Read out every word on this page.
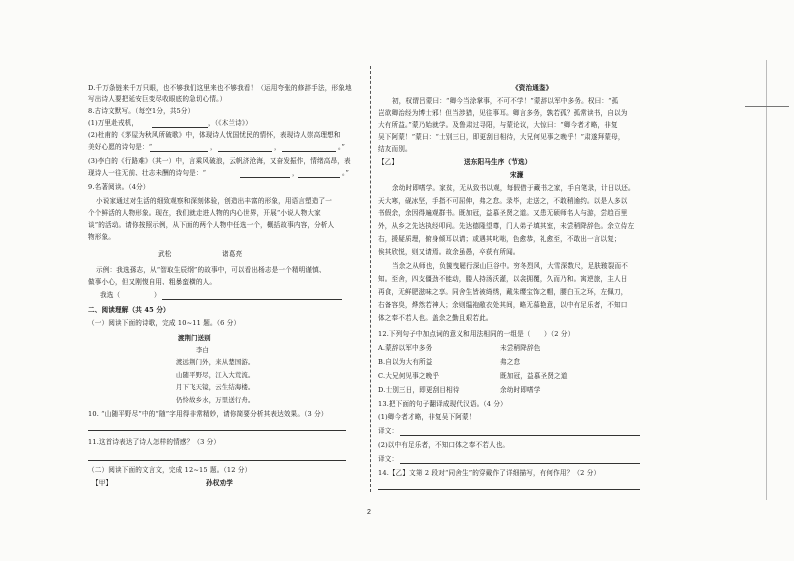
D.千万条链来千万只眼，也不够我们这里来也不够我看！（运用夸张的修辞手法，形象地
写出诗人要把延安巨变尽收眼底的急切心情。）
8.古诗文默写。（每空1分，共5分）
(1)万里赴戎机，	，（《木兰诗》）
(2)杜甫的《茅屋为秋风所破歌》中，体现诗人忧国忧民的情怀，表现诗人崇高理想和
美好心愿的诗句是：“	，	，	。”
(3)李白的《行路难》（其一）中，言乘风破浪，云帆济沧海，又奋发振作，情绪高昂，表
现诗人一往无前、壮志未酬的诗句是：“	，	。”
9.名著阅读。（4分）
小说家通过对生活的细致观察和深刻体验，创造出丰富的形象，用语言塑造了一
个个鲜活的人物形象。现在，我们就走进人物的内心世界，开展“小说人物大家
谈”的活动。请你按照示例，从下面的两个人物中任选一个，概括故事内容，分析人
物形象。
武松	诸葛亮
示例：我选孫志，从“智取生辰纲”的故事中，可以看出杨志是一个精明谨慎、
做事小心，但又刚愎自用、粗暴蛮横的人。
我选（	）
二、阅读理解（共 45 分）
（一）阅读下面的诗歌，完成 10~11 题。（6 分）
渡荆门送别
李白
渡远荆门外，来从楚国游。
山随平野尽，江入大荒流。
月下飞天镜，云生结海楼。
仍怜故乡水，万里送行舟。
10. “山随平野尽”中的“随”字用得非常精妙，请你简要分析其表达效果。（3 分）
11.这首诗表达了诗人怎样的情感？（3 分）
（二）阅读下面的文言文，完成 12~15 题。（12 分）
【甲】	孙权劝学
《资治通鉴》
初，权谓吕蒙曰：“卿今当涂掌事，不可不学！”蒙辞以军中多务。权曰：“孤
岂欲卿治经为博士邪！但当涉猎，见往事耳。卿言多务，孰若孤？孤常读书，自以为
大有所益。”蒙乃始就学。及鲁肃过寻阳，与蒙论议，大惊曰：“卿今者才略，非复
吴下阿蒙！”蒙曰：“士别三日，即更刮目相待，大兄何见事之晚乎！”肃遂拜蒙母，
结友而别。
【乙】	送东阳马生序（节选）
宋濂
余幼时即嗜学。家贫，无从致书以观，每假借于藏书之家，手自笔录，计日以还。
天大寒，砚冰坚，手指不可屈伸，弗之怠。录毕，走送之，不敢稍逾约。以是人多以
书假余，余因得遍观群书。既加冠，益慕圣贤之道。又患无硕师名人与游，尝趋百里
外，从乡之先达执经叩问。先达德隆望尊，门人弟子填其室，未尝稍降辞色。余立侍左
右，援疑质理，俯身倾耳以请；或遇其叱咄，色愈恭，礼愈至，不敢出一言以复；
俟其欣悦，则又请焉。故余虽愚，卒获有所闻。
当余之从师也，负箧曳屣行深山巨谷中。穷冬烈风，大雪深数尺，足肤皲裂而不
知。至舍，四支僵劲不能动，媵人持汤沃灌，以衾拥覆，久而乃和。寓逆旅，主人日
再食，无鲜肥滋味之享。同舍生皆被绮绣，戴朱缨宝饰之帽，腰白玉之环，左佩刀，
右备容臭，烨然若神人；余则缊袍敝衣处其间，略无慕艳意，以中有足乐者，不知口
体之奉不若人也。盖余之勤且艰若此。
12.下列句子中加点词的意义和用法相同的一组是（　　）（2 分）
A.蒙辞以军中多务	未尝稍降辞色
B.自以为大有所益	弗之怠
C.大兄何见事之晚乎	既加冠，益慕圣贤之道
D.士别三日，即更刮目相待	余幼时即嗜学
13.把下面的句子翻译成现代汉语。（4 分）
(1)卿今者才略，非复吴下阿蒙！
译文：
(2)以中有足乐者，不知口体之奉不若人也。
译文：
14.【乙】文第 2 段对“同舍生”的穿戴作了详细描写，有何作用？（2 分）
2
